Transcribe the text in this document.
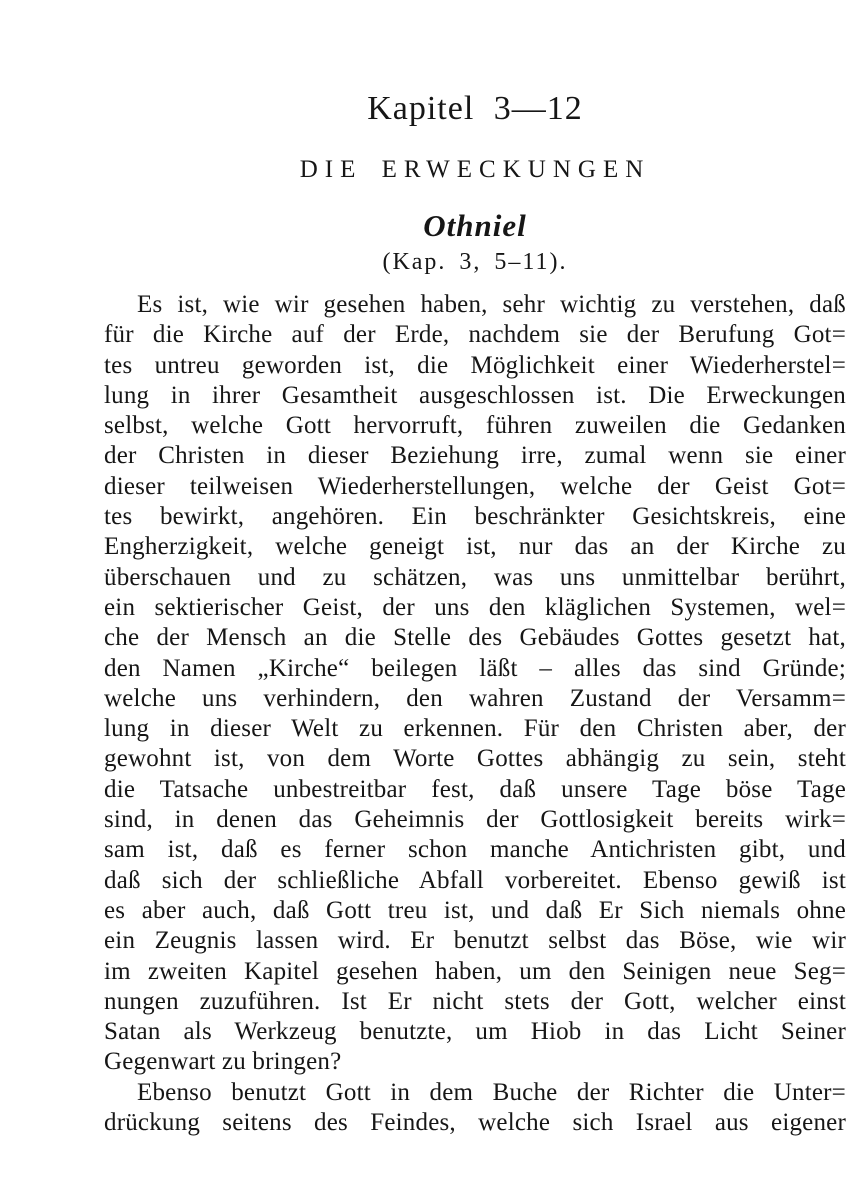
Kapitel 3—12
DIE ERWECKUNGEN
Othniel
(Kap. 3, 5–11).
Es ist, wie wir gesehen haben, sehr wichtig zu verstehen, daß
für die Kirche auf der Erde, nachdem sie der Berufung Got=
tes untreu geworden ist, die Möglichkeit einer Wiederherstel=
lung in ihrer Gesamtheit ausgeschlossen ist. Die Erweckungen
selbst, welche Gott hervorruft, führen zuweilen die Gedanken
der Christen in dieser Beziehung irre, zumal wenn sie einer
dieser teilweisen Wiederherstellungen, welche der Geist Got=
tes bewirkt, angehören. Ein beschränkter Gesichtskreis, eine
Engherzigkeit, welche geneigt ist, nur das an der Kirche zu
überschauen und zu schätzen, was uns unmittelbar berührt,
ein sektierischer Geist, der uns den kläglichen Systemen, wel=
che der Mensch an die Stelle des Gebäudes Gottes gesetzt hat,
den Namen „Kirche“ beilegen läßt – alles das sind Gründe;
welche uns verhindern, den wahren Zustand der Versamm=
lung in dieser Welt zu erkennen. Für den Christen aber, der
gewohnt ist, von dem Worte Gottes abhängig zu sein, steht
die Tatsache unbestreitbar fest, daß unsere Tage böse Tage
sind, in denen das Geheimnis der Gottlosigkeit bereits wirk=
sam ist, daß es ferner schon manche Antichristen gibt, und
daß sich der schließliche Abfall vorbereitet. Ebenso gewiß ist
es aber auch, daß Gott treu ist, und daß Er Sich niemals ohne
ein Zeugnis lassen wird. Er benutzt selbst das Böse, wie wir
im zweiten Kapitel gesehen haben, um den Seinigen neue Seg=
nungen zuzuführen. Ist Er nicht stets der Gott, welcher einst
Satan als Werkzeug benutzte, um Hiob in das Licht Seiner
Gegenwart zu bringen?
Ebenso benutzt Gott in dem Buche der Richter die Unter=
drückung seitens des Feindes, welche sich Israel aus eigener
